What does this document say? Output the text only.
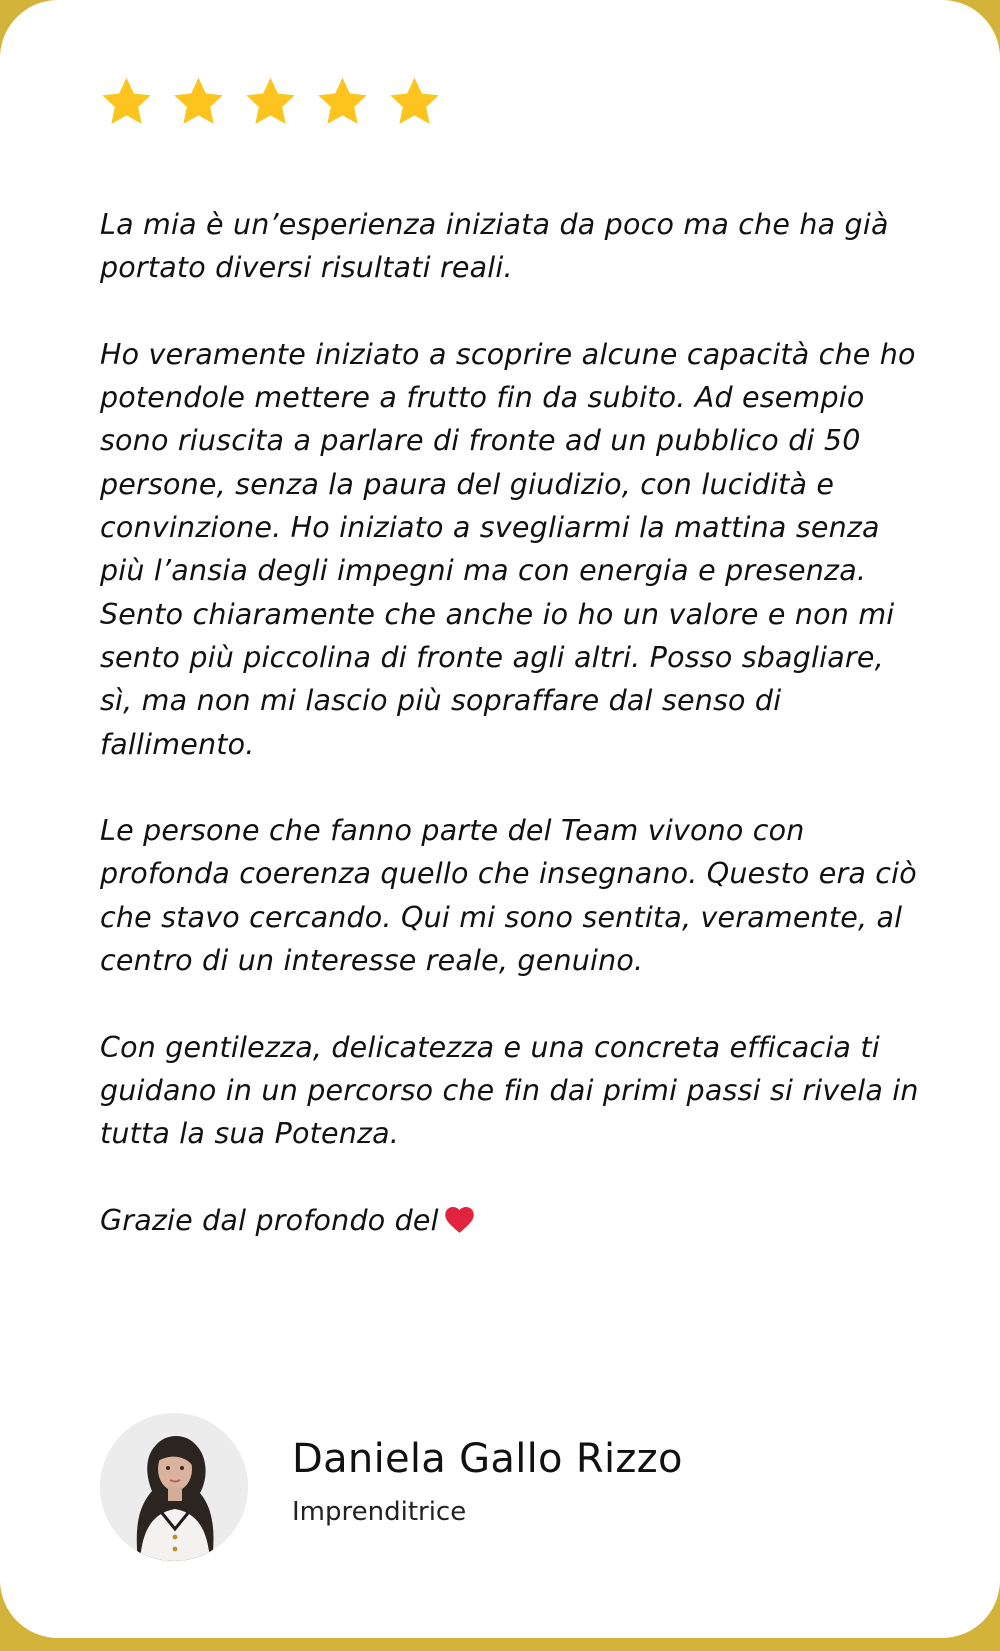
La mia è un’esperienza iniziata da poco ma che ha già portato diversi risultati reali.

Ho veramente iniziato a scoprire alcune capacità che ho potendole mettere a frutto fin da subito. Ad esempio sono riuscita a parlare di fronte ad un pubblico di 50 persone, senza la paura del giudizio, con lucidità e convinzione. Ho iniziato a svegliarmi la mattina senza più l’ansia degli impegni ma con energia e presenza. Sento chiaramente che anche io ho un valore e non mi sento più piccolina di fronte agli altri. Posso sbagliare, sì, ma non mi lascio più sopraffare dal senso di fallimento.

Le persone che fanno parte del Team vivono con profonda coerenza quello che insegnano. Questo era ciò che stavo cercando. Qui mi sono sentita, veramente, al centro di un interesse reale, genuino.

Con gentilezza, delicatezza e una concreta efficacia ti guidano in un percorso che fin dai primi passi si rivela in tutta la sua Potenza.

Grazie dal profondo del

Daniela Gallo Rizzo
Imprenditrice
